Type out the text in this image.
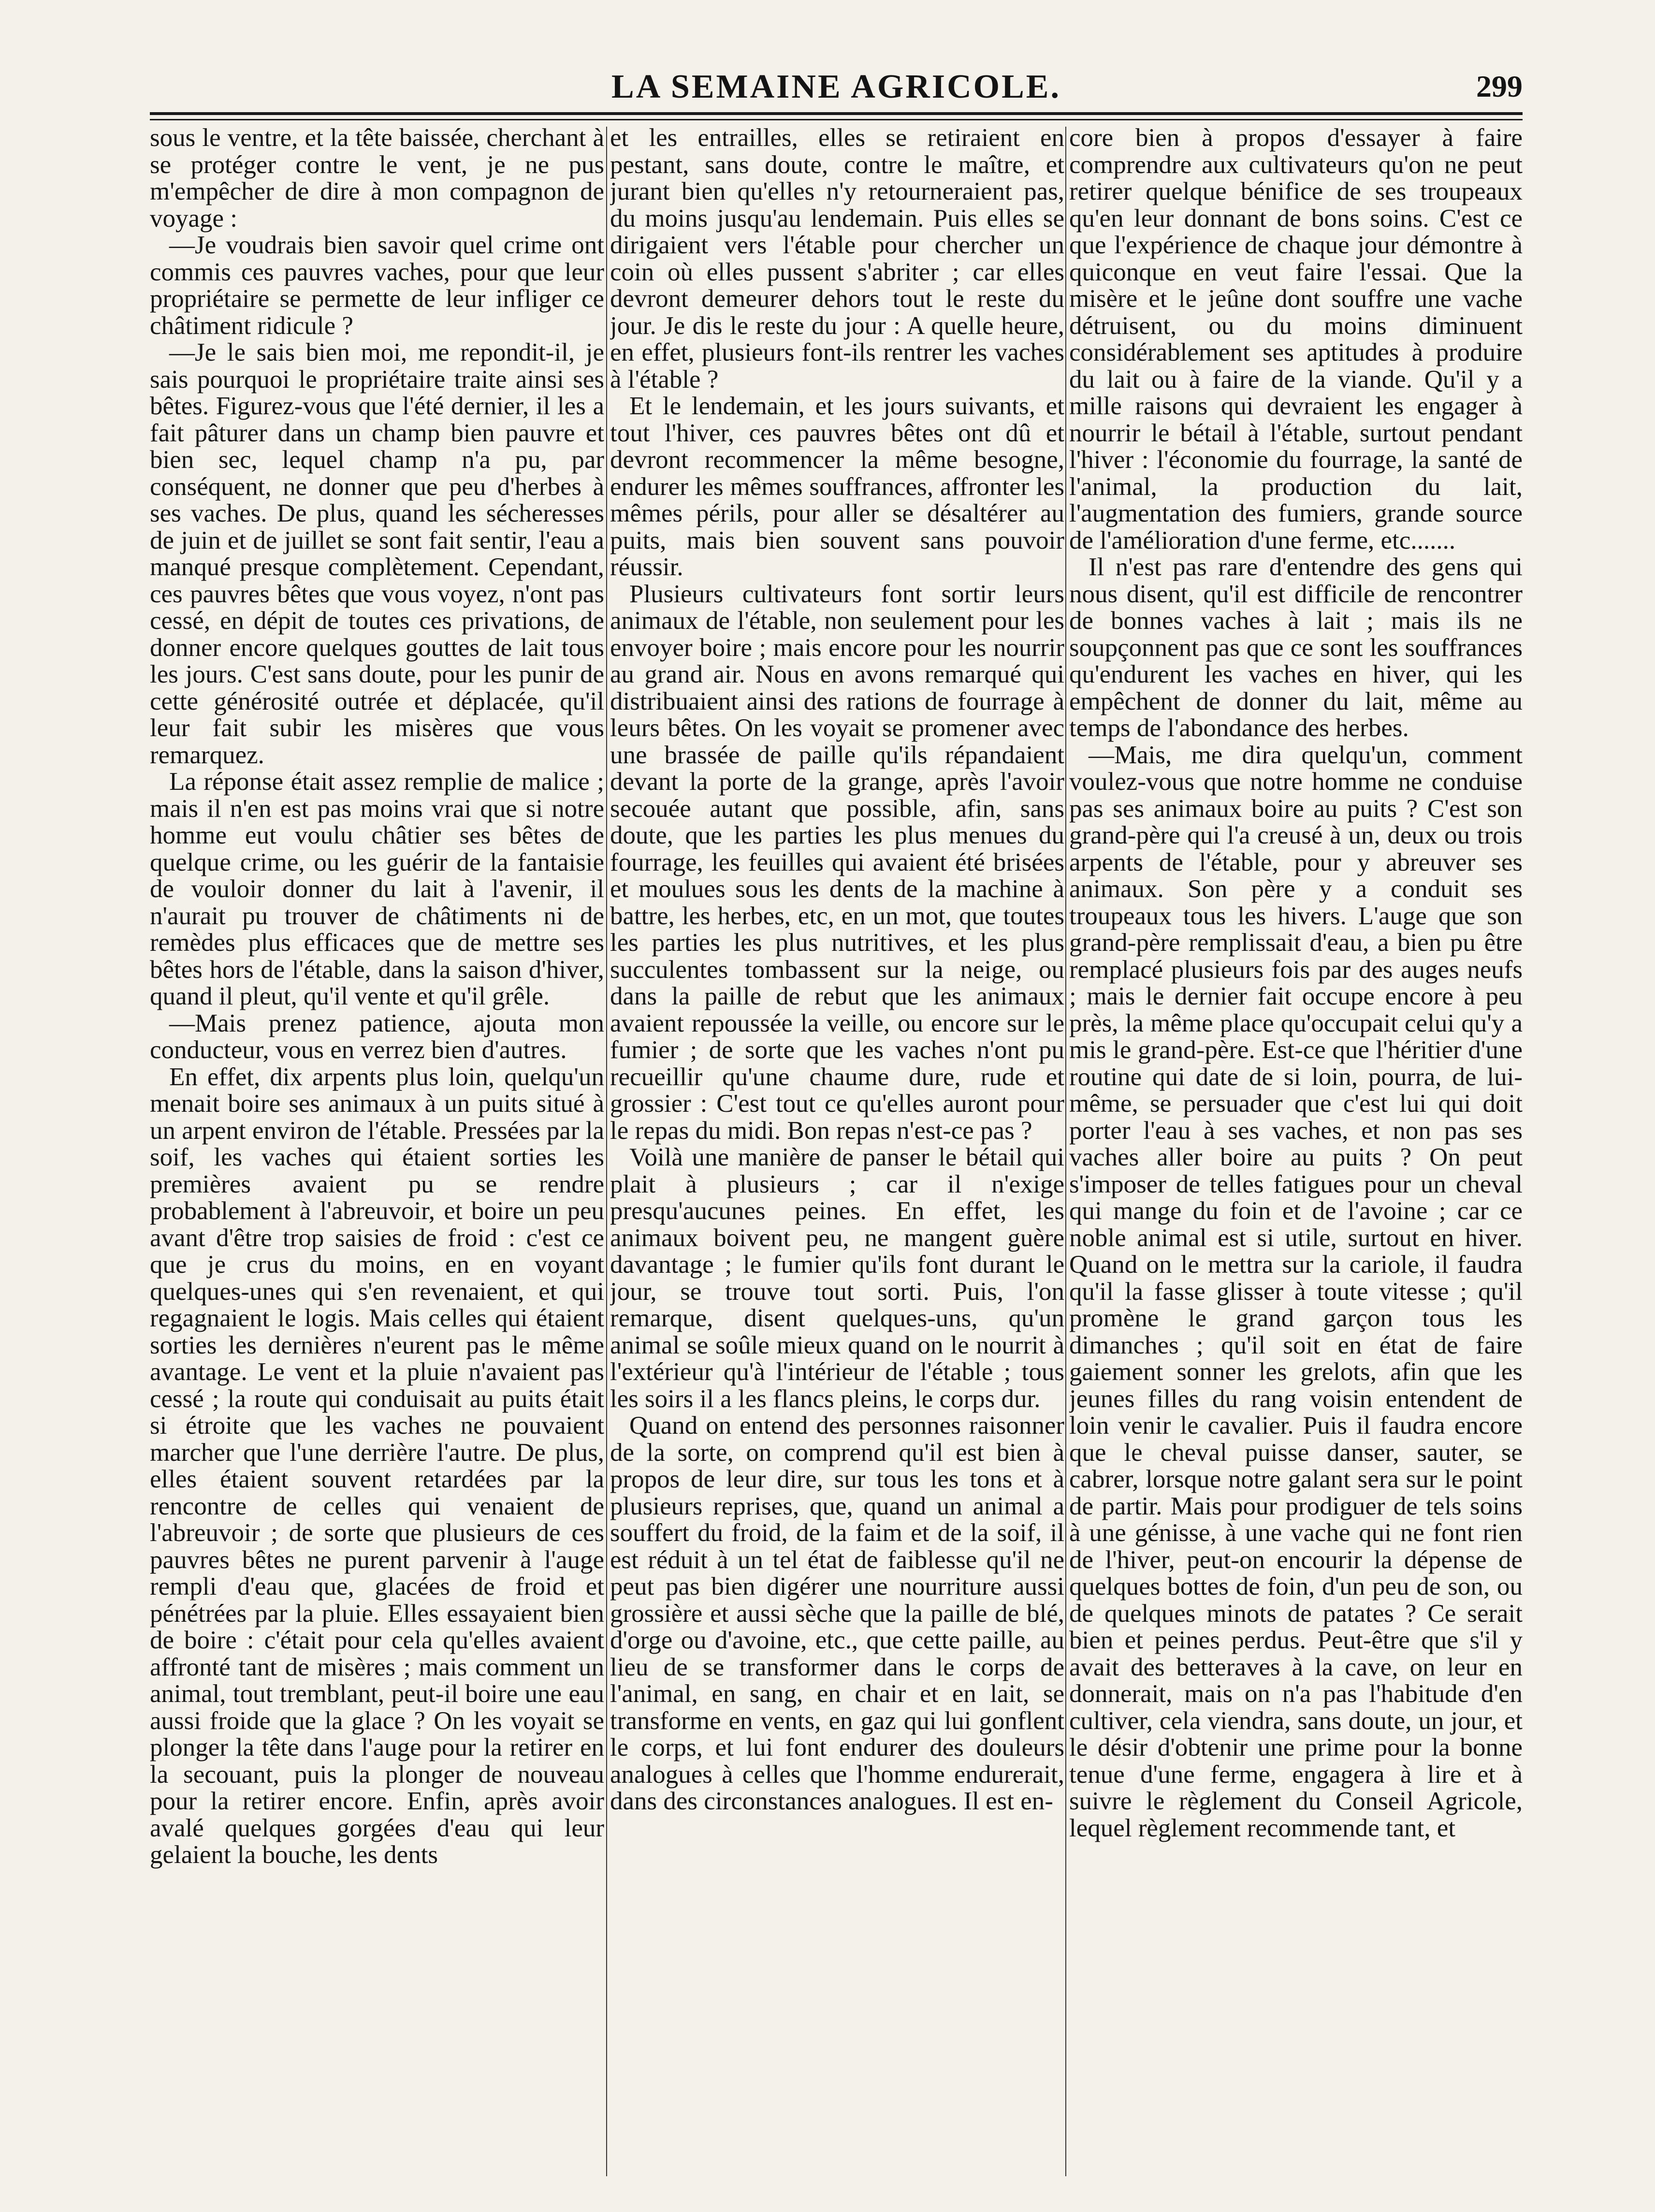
LA SEMAINE AGRICOLE.	299

sous le ventre, et la tête baissée, cherchant à se protéger contre le vent, je ne pus m'empêcher de dire à mon compagnon de voyage :

—Je voudrais bien savoir quel crime ont commis ces pauvres vaches, pour que leur propriétaire se permette de leur infliger ce châtiment ridicule ?

—Je le sais bien moi, me repondit-il, je sais pourquoi le propriétaire traite ainsi ses bêtes. Figurez-vous que l'été dernier, il les a fait pâturer dans un champ bien pauvre et bien sec, lequel champ n'a pu, par conséquent, ne donner que peu d'herbes à ses vaches. De plus, quand les sécheresses de juin et de juillet se sont fait sentir, l'eau a manqué presque complètement. Cependant, ces pauvres bêtes que vous voyez, n'ont pas cessé, en dépit de toutes ces privations, de donner encore quelques gouttes de lait tous les jours. C'est sans doute, pour les punir de cette générosité outrée et déplacée, qu'il leur fait subir les misères que vous remarquez.

La réponse était assez remplie de malice ; mais il n'en est pas moins vrai que si notre homme eut voulu châtier ses bêtes de quelque crime, ou les guérir de la fantaisie de vouloir donner du lait à l'avenir, il n'aurait pu trouver de châtiments ni de remèdes plus efficaces que de mettre ses bêtes hors de l'étable, dans la saison d'hiver, quand il pleut, qu'il vente et qu'il grêle.

—Mais prenez patience, ajouta mon conducteur, vous en verrez bien d'autres.

En effet, dix arpents plus loin, quelqu'un menait boire ses animaux à un puits situé à un arpent environ de l'étable. Pressées par la soif, les vaches qui étaient sorties les premières avaient pu se rendre probablement à l'abreuvoir, et boire un peu avant d'être trop saisies de froid : c'est ce que je crus du moins, en en voyant quelques-unes qui s'en revenaient, et qui regagnaient le logis. Mais celles qui étaient sorties les dernières n'eurent pas le même avantage. Le vent et la pluie n'avaient pas cessé ; la route qui conduisait au puits était si étroite que les vaches ne pouvaient marcher que l'une derrière l'autre. De plus, elles étaient souvent retardées par la rencontre de celles qui venaient de l'abreuvoir ; de sorte que plusieurs de ces pauvres bêtes ne purent parvenir à l'auge rempli d'eau que, glacées de froid et pénétrées par la pluie. Elles essayaient bien de boire : c'était pour cela qu'elles avaient affronté tant de misères ; mais comment un animal, tout tremblant, peut-il boire une eau aussi froide que la glace ? On les voyait se plonger la tête dans l'auge pour la retirer en la secouant, puis la plonger de nouveau pour la retirer encore. Enfin, après avoir avalé quelques gorgées d'eau qui leur gelaient la bouche, les dents

et les entrailles, elles se retiraient en pestant, sans doute, contre le maître, et jurant bien qu'elles n'y retourneraient pas, du moins jusqu'au lendemain. Puis elles se dirigaient vers l'étable pour chercher un coin où elles pussent s'abriter ; car elles devront demeurer dehors tout le reste du jour. Je dis le reste du jour : A quelle heure, en effet, plusieurs font-ils rentrer les vaches à l'étable ?

Et le lendemain, et les jours suivants, et tout l'hiver, ces pauvres bêtes ont dû et devront recommencer la même besogne, endurer les mêmes souffrances, affronter les mêmes périls, pour aller se désaltérer au puits, mais bien souvent sans pouvoir réussir.

Plusieurs cultivateurs font sortir leurs animaux de l'étable, non seulement pour les envoyer boire ; mais encore pour les nourrir au grand air. Nous en avons remarqué qui distribuaient ainsi des rations de fourrage à leurs bêtes. On les voyait se promener avec une brassée de paille qu'ils répandaient devant la porte de la grange, après l'avoir secouée autant que possible, afin, sans doute, que les parties les plus menues du fourrage, les feuilles qui avaient été brisées et moulues sous les dents de la machine à battre, les herbes, etc, en un mot, que toutes les parties les plus nutritives, et les plus succulentes tombassent sur la neige, ou dans la paille de rebut que les animaux avaient repoussée la veille, ou encore sur le fumier ; de sorte que les vaches n'ont pu recueillir qu'une chaume dure, rude et grossier : C'est tout ce qu'elles auront pour le repas du midi. Bon repas n'est-ce pas ?

Voilà une manière de panser le bétail qui plait à plusieurs ; car il n'exige presqu'aucunes peines. En effet, les animaux boivent peu, ne mangent guère davantage ; le fumier qu'ils font durant le jour, se trouve tout sorti. Puis, l'on remarque, disent quelques-uns, qu'un animal se soûle mieux quand on le nourrit à l'extérieur qu'à l'intérieur de l'étable ; tous les soirs il a les flancs pleins, le corps dur.

Quand on entend des personnes raisonner de la sorte, on comprend qu'il est bien à propos de leur dire, sur tous les tons et à plusieurs reprises, que, quand un animal a souffert du froid, de la faim et de la soif, il est réduit à un tel état de faiblesse qu'il ne peut pas bien digérer une nourriture aussi grossière et aussi sèche que la paille de blé, d'orge ou d'avoine, etc., que cette paille, au lieu de se transformer dans le corps de l'animal, en sang, en chair et en lait, se transforme en vents, en gaz qui lui gonflent le corps, et lui font endurer des douleurs analogues à celles que l'homme endurerait, dans des circonstances analogues. Il est en-

core bien à propos d'essayer à faire comprendre aux cultivateurs qu'on ne peut retirer quelque bénifice de ses troupeaux qu'en leur donnant de bons soins. C'est ce que l'expérience de chaque jour démontre à quiconque en veut faire l'essai. Que la misère et le jeûne dont souffre une vache détruisent, ou du moins diminuent considérablement ses aptitudes à produire du lait ou à faire de la viande. Qu'il y a mille raisons qui devraient les engager à nourrir le bétail à l'étable, surtout pendant l'hiver : l'économie du fourrage, la santé de l'animal, la production du lait, l'augmentation des fumiers, grande source de l'amélioration d'une ferme, etc.......

Il n'est pas rare d'entendre des gens qui nous disent, qu'il est difficile de rencontrer de bonnes vaches à lait ; mais ils ne soupçonnent pas que ce sont les souffrances qu'endurent les vaches en hiver, qui les empêchent de donner du lait, même au temps de l'abondance des herbes.

—Mais, me dira quelqu'un, comment voulez-vous que notre homme ne conduise pas ses animaux boire au puits ? C'est son grand-père qui l'a creusé à un, deux ou trois arpents de l'étable, pour y abreuver ses animaux. Son père y a conduit ses troupeaux tous les hivers. L'auge que son grand-père remplissait d'eau, a bien pu être remplacé plusieurs fois par des auges neufs ; mais le dernier fait occupe encore à peu près, la même place qu'occupait celui qu'y a mis le grand-père. Est-ce que l'héritier d'une routine qui date de si loin, pourra, de lui-même, se persuader que c'est lui qui doit porter l'eau à ses vaches, et non pas ses vaches aller boire au puits ? On peut s'imposer de telles fatigues pour un cheval qui mange du foin et de l'avoine ; car ce noble animal est si utile, surtout en hiver. Quand on le mettra sur la cariole, il faudra qu'il la fasse glisser à toute vitesse ; qu'il promène le grand garçon tous les dimanches ; qu'il soit en état de faire gaiement sonner les grelots, afin que les jeunes filles du rang voisin entendent de loin venir le cavalier. Puis il faudra encore que le cheval puisse danser, sauter, se cabrer, lorsque notre galant sera sur le point de partir. Mais pour prodiguer de tels soins à une génisse, à une vache qui ne font rien de l'hiver, peut-on encourir la dépense de quelques bottes de foin, d'un peu de son, ou de quelques minots de patates ? Ce serait bien et peines perdus. Peut-être que s'il y avait des betteraves à la cave, on leur en donnerait, mais on n'a pas l'habitude d'en cultiver, cela viendra, sans doute, un jour, et le désir d'obtenir une prime pour la bonne tenue d'une ferme, engagera à lire et à suivre le règlement du Conseil Agricole, lequel règlement recommende tant, et
